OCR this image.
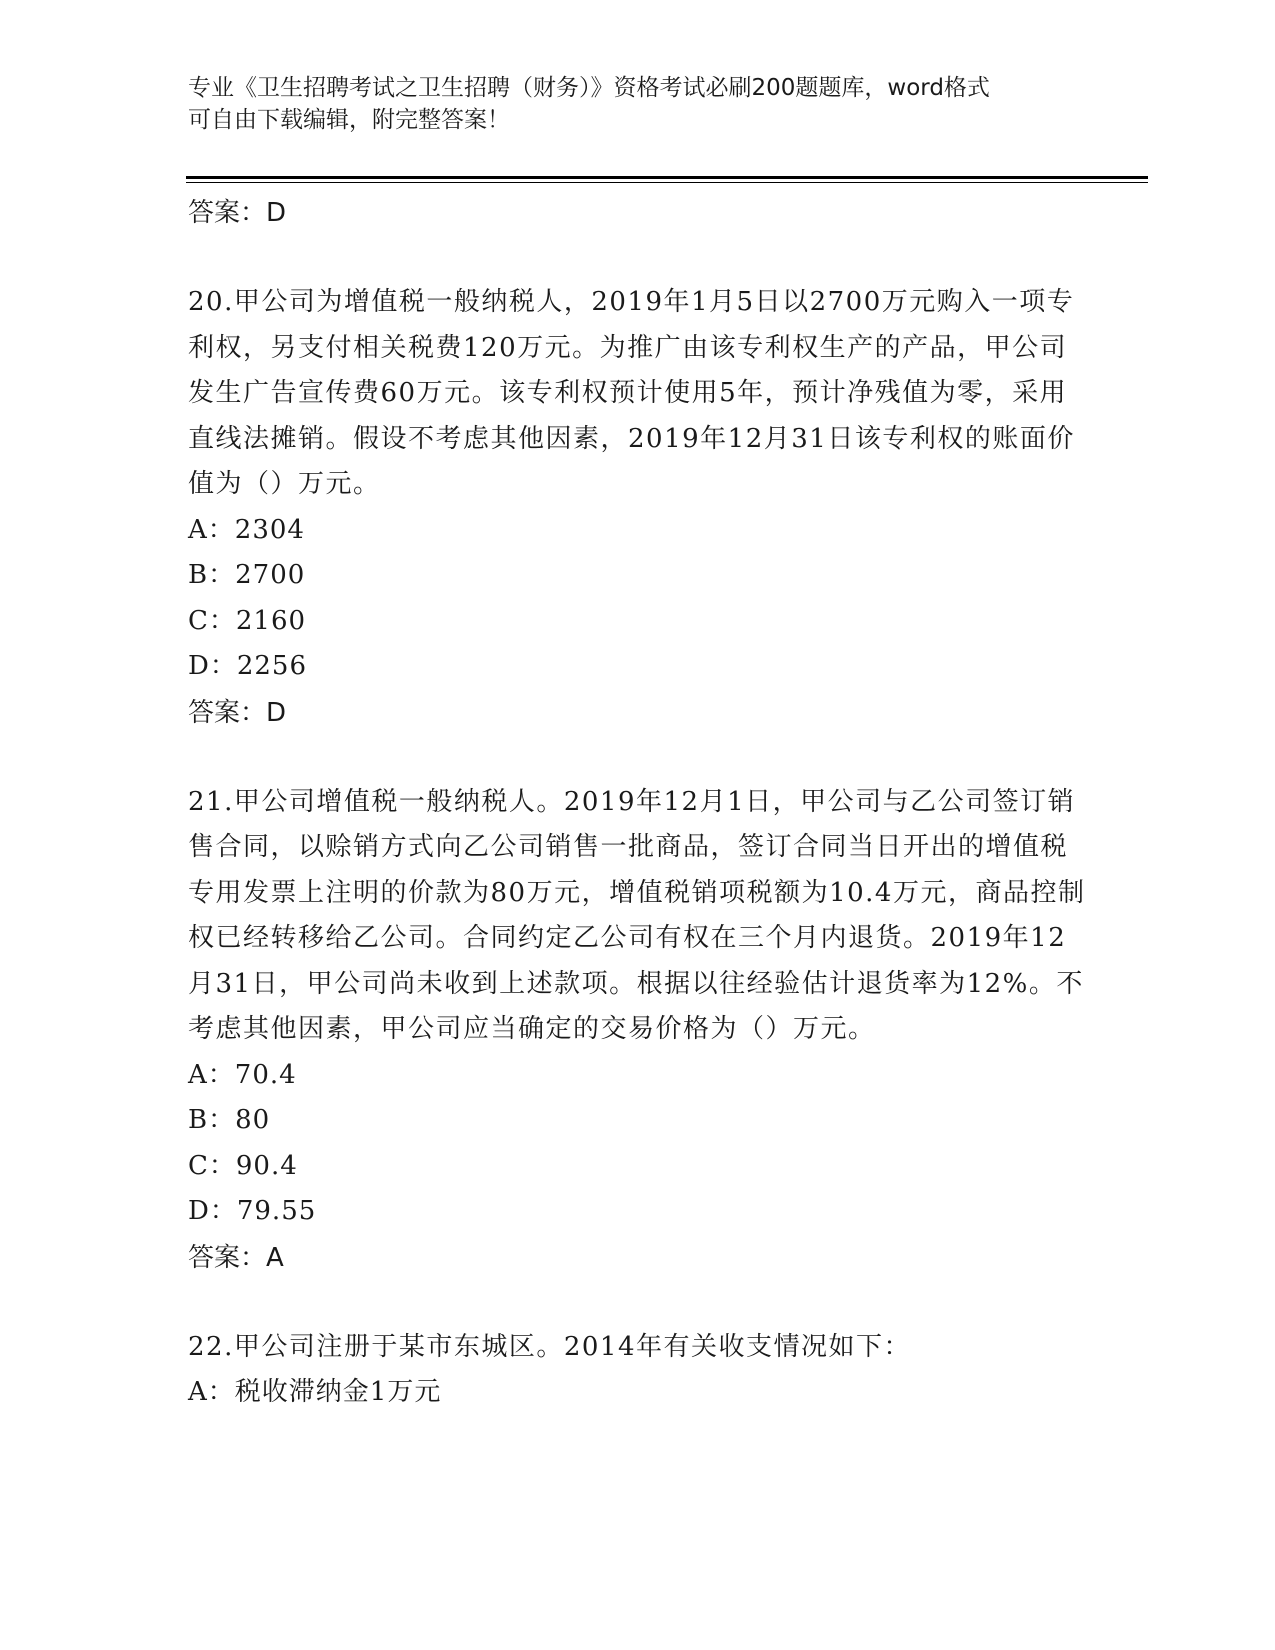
专业《卫生招聘考试之卫生招聘（财务）》资格考试必刷200题题库，word格式
可自由下载编辑，附完整答案！

答案：D

20.甲公司为增值税一般纳税人，2019年1月5日以2700万元购入一项专利权，另支付相关税费120万元。为推广由该专利权生产的产品，甲公司发生广告宣传费60万元。该专利权预计使用5年，预计净残值为零，采用直线法摊销。假设不考虑其他因素，2019年12月31日该专利权的账面价值为（）万元。

A：2304

B：2700

C：2160

D：2256

答案：D

21.甲公司增值税一般纳税人。2019年12月1日，甲公司与乙公司签订销售合同，以赊销方式向乙公司销售一批商品，签订合同当日开出的增值税专用发票上注明的价款为80万元，增值税销项税额为10.4万元，商品控制权已经转移给乙公司。合同约定乙公司有权在三个月内退货。2019年12月31日，甲公司尚未收到上述款项。根据以往经验估计退货率为12%。不考虑其他因素，甲公司应当确定的交易价格为（）万元。

A：70.4

B：80

C：90.4

D：79.55

答案：A

22.甲公司注册于某市东城区。2014年有关收支情况如下：

A：税收滞纳金1万元
